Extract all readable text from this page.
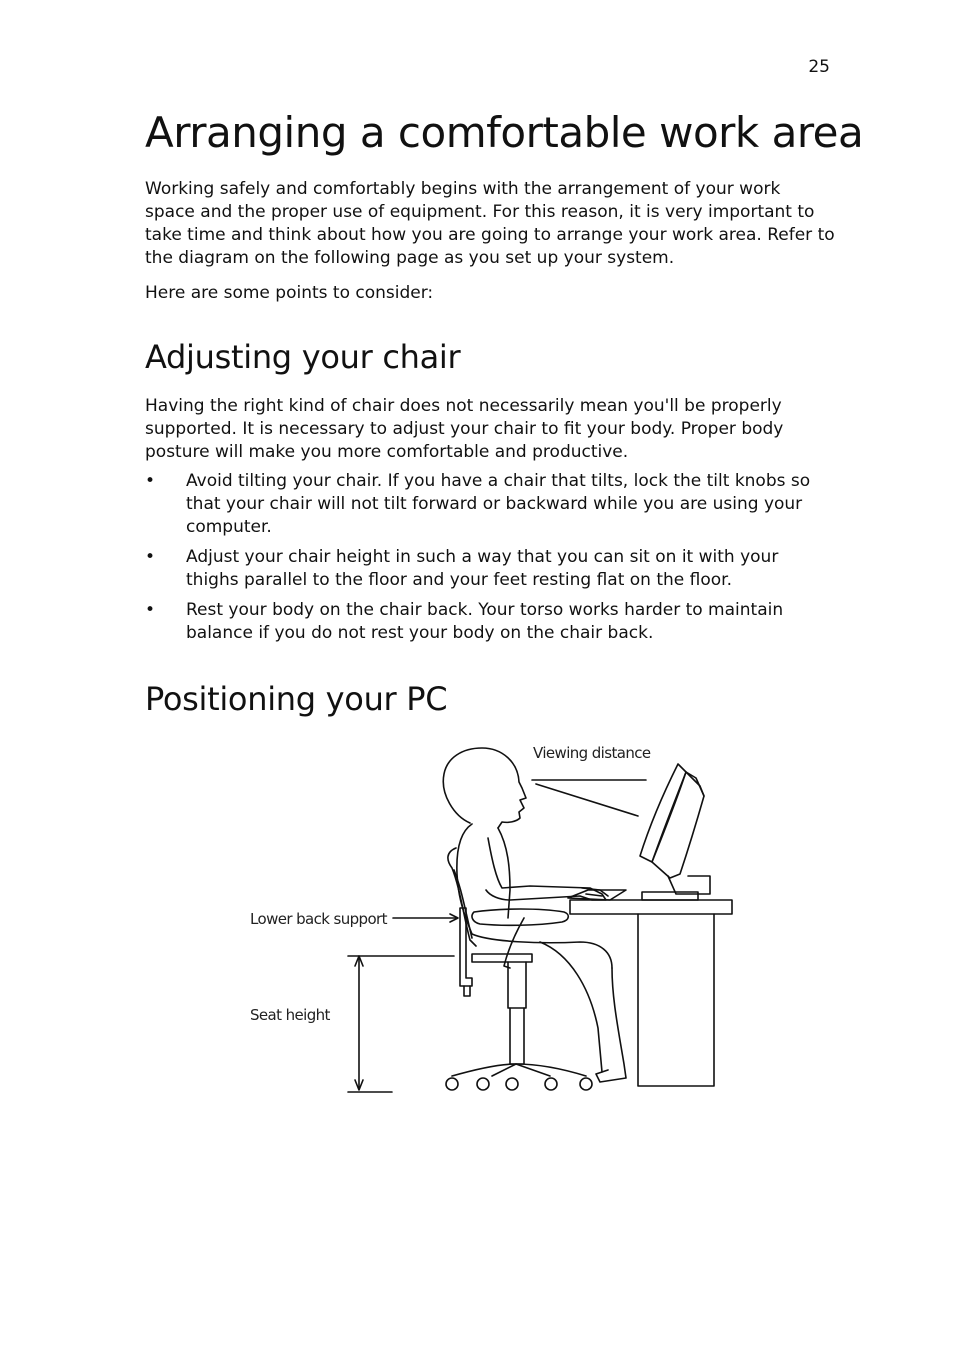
25
Arranging a comfortable work area

Working safely and comfortably begins with the arrangement of your work space and the proper use of equipment. For this reason, it is very important to take time and think about how you are going to arrange your work area. Refer to the diagram on the following page as you set up your system.

Here are some points to consider:

Adjusting your chair

Having the right kind of chair does not necessarily mean you'll be properly supported. It is necessary to adjust your chair to fit your body. Proper body posture will make you more comfortable and productive.

• Avoid tilting your chair. If you have a chair that tilts, lock the tilt knobs so that your chair will not tilt forward or backward while you are using your computer.
• Adjust your chair height in such a way that you can sit on it with your thighs parallel to the floor and your feet resting flat on the floor.
• Rest your body on the chair back. Your torso works harder to maintain balance if you do not rest your body on the chair back.
Positioning your PC
Viewing distance
Lower back support
Seat height
